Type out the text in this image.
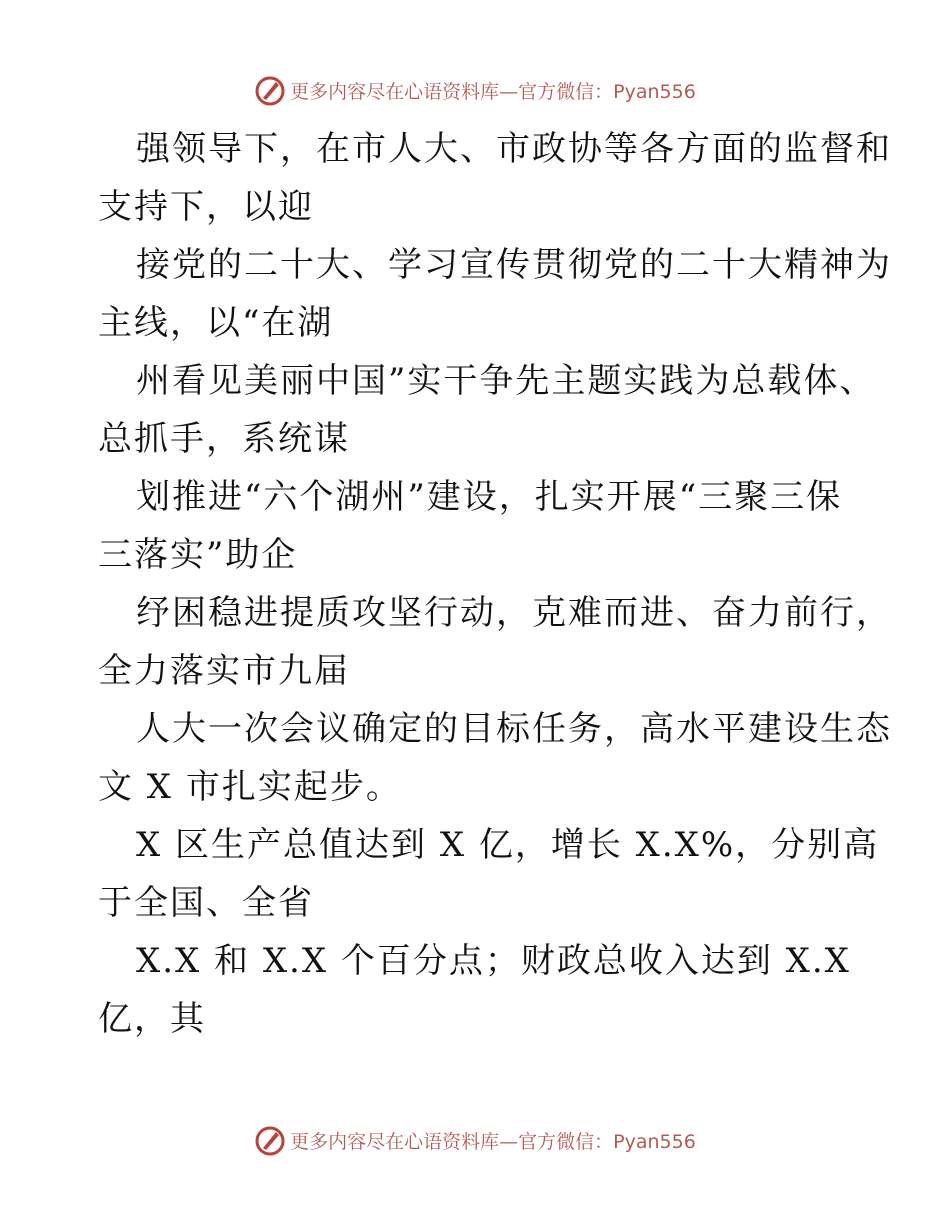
更多内容尽在心语资料库—官方微信：Pyan556

强领导下，在市人大、市政协等各方面的监督和

支持下，以迎

接党的二十大、学习宣传贯彻党的二十大精神为

主线，以“在湖

州看见美丽中国”实干争先主题实践为总载体、

总抓手，系统谋

划推进“六个湖州”建设，扎实开展“三聚三保

三落实”助企

纾困稳进提质攻坚行动，克难而进、奋力前行，

全力落实市九届

人大一次会议确定的目标任务，高水平建设生态

文 X 市扎实起步。

X 区生产总值达到 X 亿，增长 X.X%，分别高

于全国、全省

X.X 和 X.X 个百分点；财政总收入达到 X.X

亿，其

更多内容尽在心语资料库—官方微信：Pyan556
